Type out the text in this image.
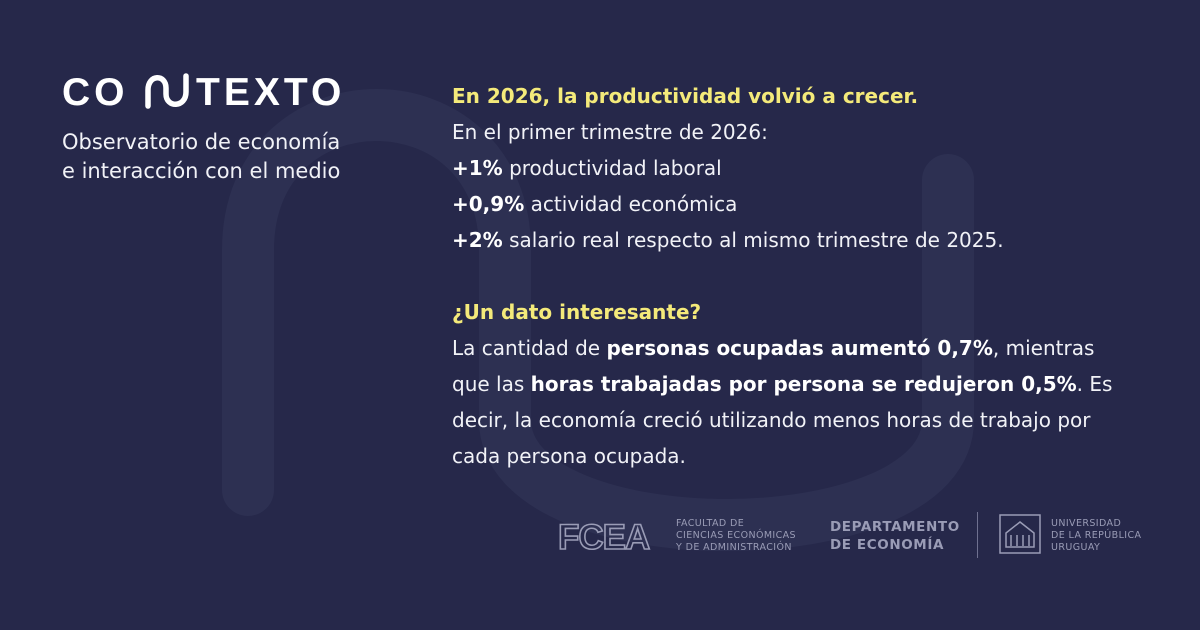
CO TEXTO
Observatorio de economía
e interacción con el medio
En 2026, la productividad volvió a crecer.
En el primer trimestre de 2026:
+1% productividad laboral
+0,9% actividad económica
+2% salario real respecto al mismo trimestre de 2025.
¿Un dato interesante?
La cantidad de personas ocupadas aumentó 0,7%, mientras que las horas trabajadas por persona se redujeron 0,5%. Es decir, la economía creció utilizando menos horas de trabajo por cada persona ocupada.
FCEA	FACULTAD DE
CIENCIAS ECONÓMICAS
Y DE ADMINISTRACIÓN
DEPARTAMENTO
DE ECONOMÍA
UNIVERSIDAD
DE LA REPÚBLICA
URUGUAY
